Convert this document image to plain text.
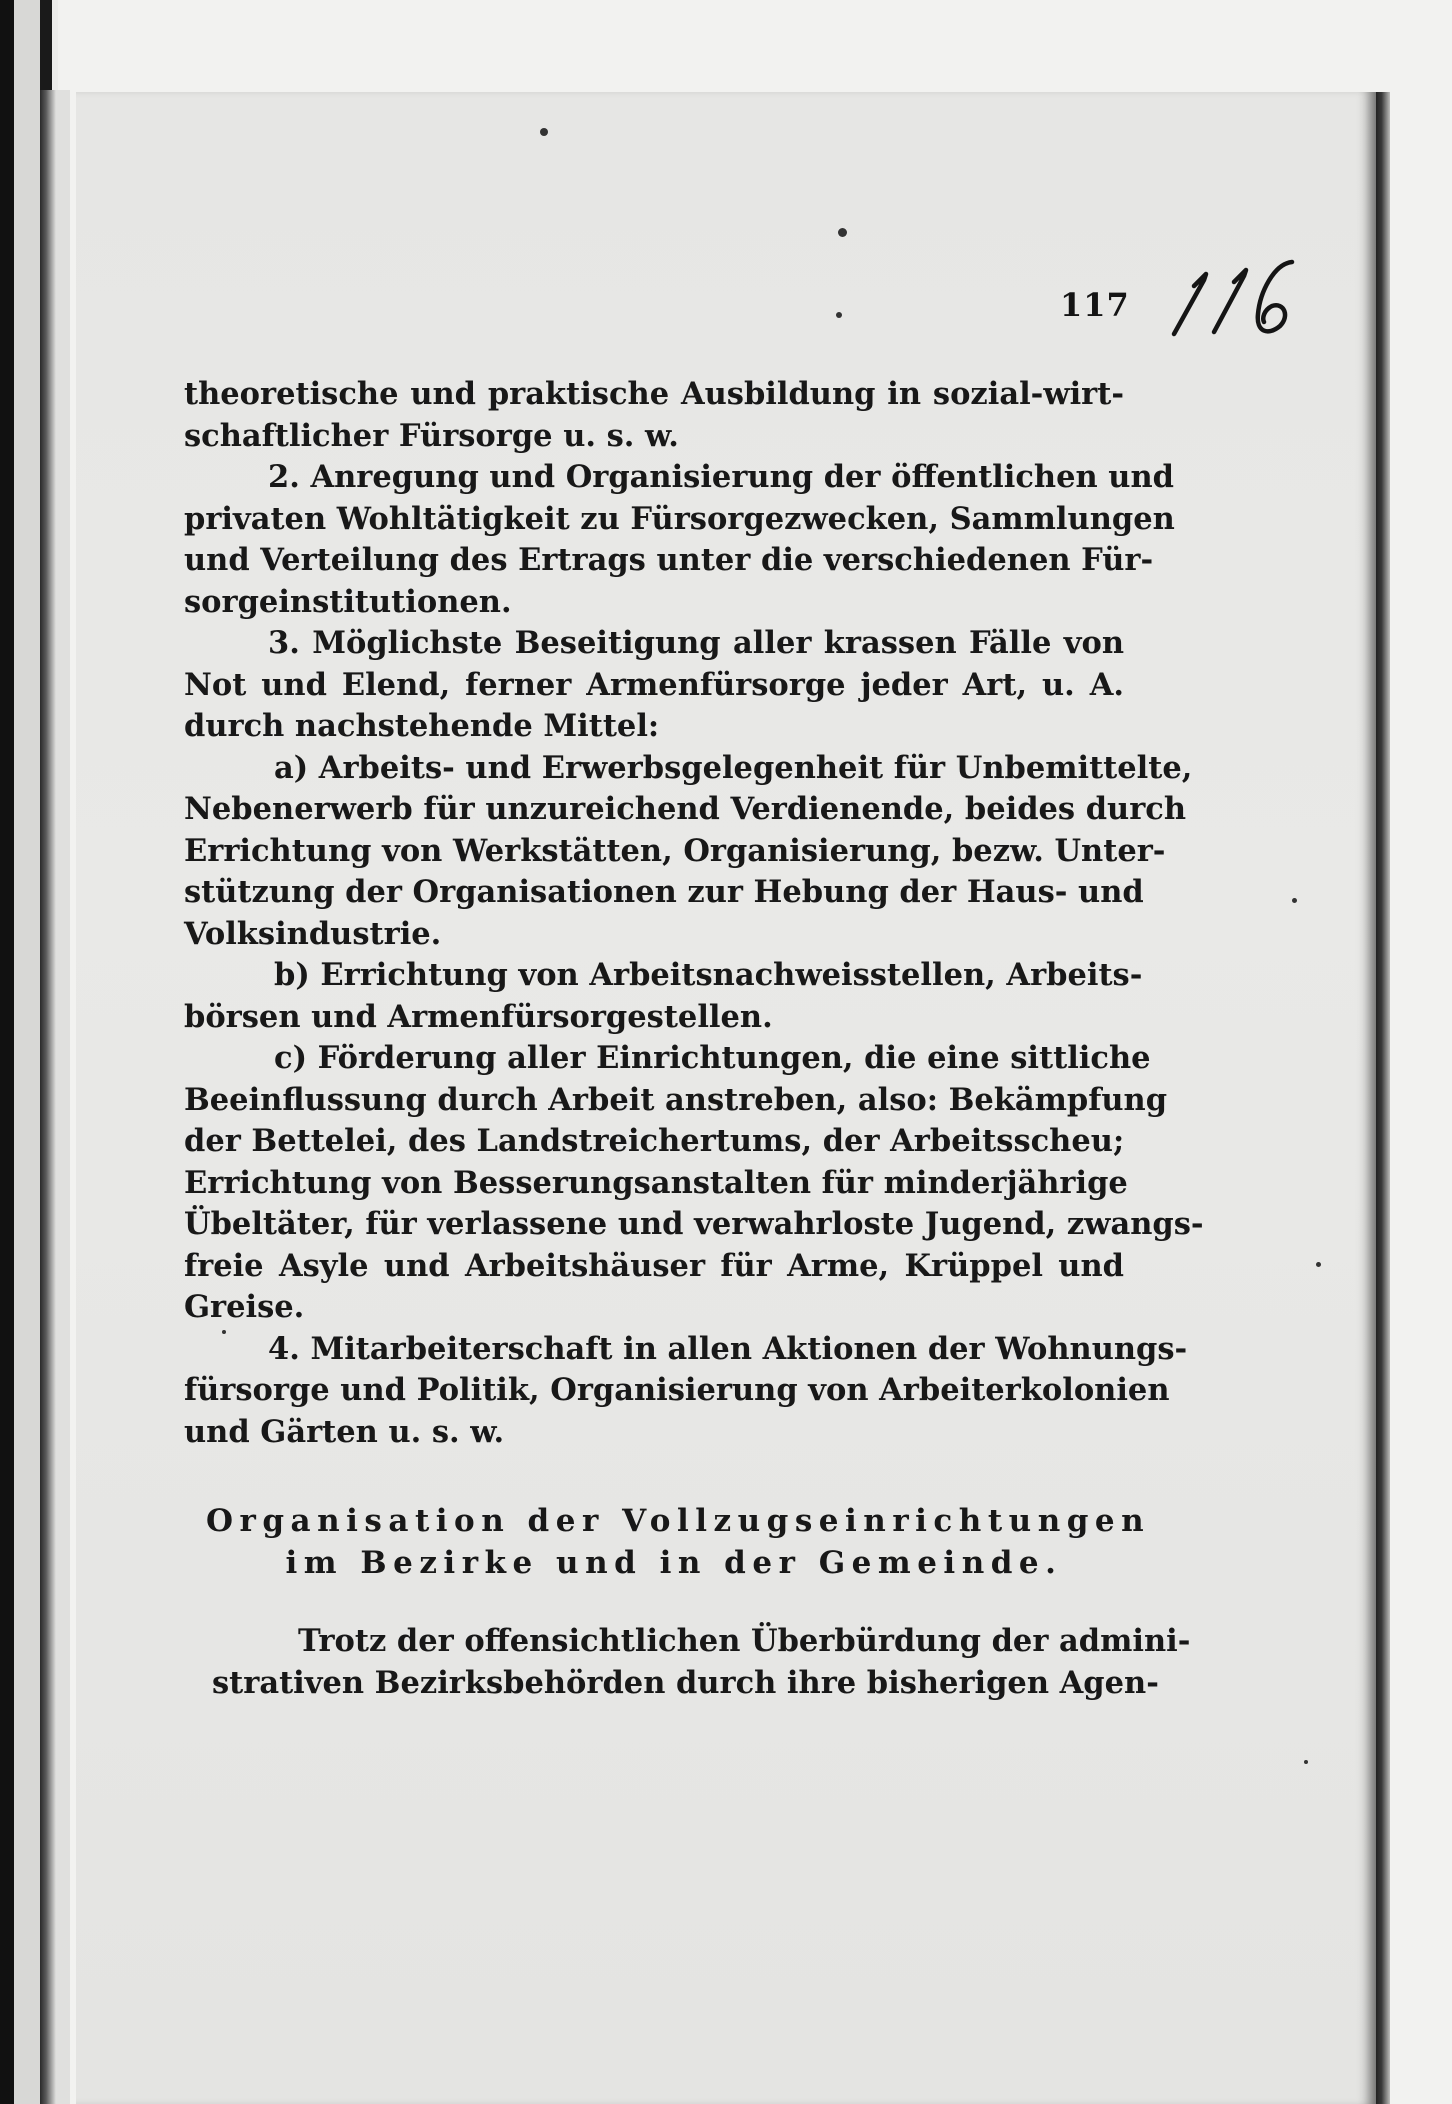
117
theoretische und praktische Ausbildung in sozial-wirt-
schaftlicher Fürsorge u. s. w.
2. Anregung und Organisierung der öffentlichen und
privaten Wohltätigkeit zu Fürsorgezwecken, Sammlungen
und Verteilung des Ertrags unter die verschiedenen Für-
sorgeinstitutionen.
3. Möglichste Beseitigung aller krassen Fälle von
Not und Elend, ferner Armenfürsorge jeder Art, u. A.
durch nachstehende Mittel:
a) Arbeits- und Erwerbsgelegenheit für Unbemittelte,
Nebenerwerb für unzureichend Verdienende, beides durch
Errichtung von Werkstätten, Organisierung, bezw. Unter-
stützung der Organisationen zur Hebung der Haus- und
Volksindustrie.
b) Errichtung von Arbeitsnachweisstellen, Arbeits-
börsen und Armenfürsorgestellen.
c) Förderung aller Einrichtungen, die eine sittliche
Beeinflussung durch Arbeit anstreben, also: Bekämpfung
der Bettelei, des Landstreichertums, der Arbeitsscheu;
Errichtung von Besserungsanstalten für minderjährige
Übeltäter, für verlassene und verwahrloste Jugend, zwangs-
freie Asyle und Arbeitshäuser für Arme, Krüppel und
Greise.
4. Mitarbeiterschaft in allen Aktionen der Wohnungs-
fürsorge und Politik, Organisierung von Arbeiterkolonien
und Gärten u. s. w.
Organisation der Vollzugseinrichtungen
im Bezirke und in der Gemeinde.
Trotz der offensichtlichen Überbürdung der admini-
strativen Bezirksbehörden durch ihre bisherigen Agen-
